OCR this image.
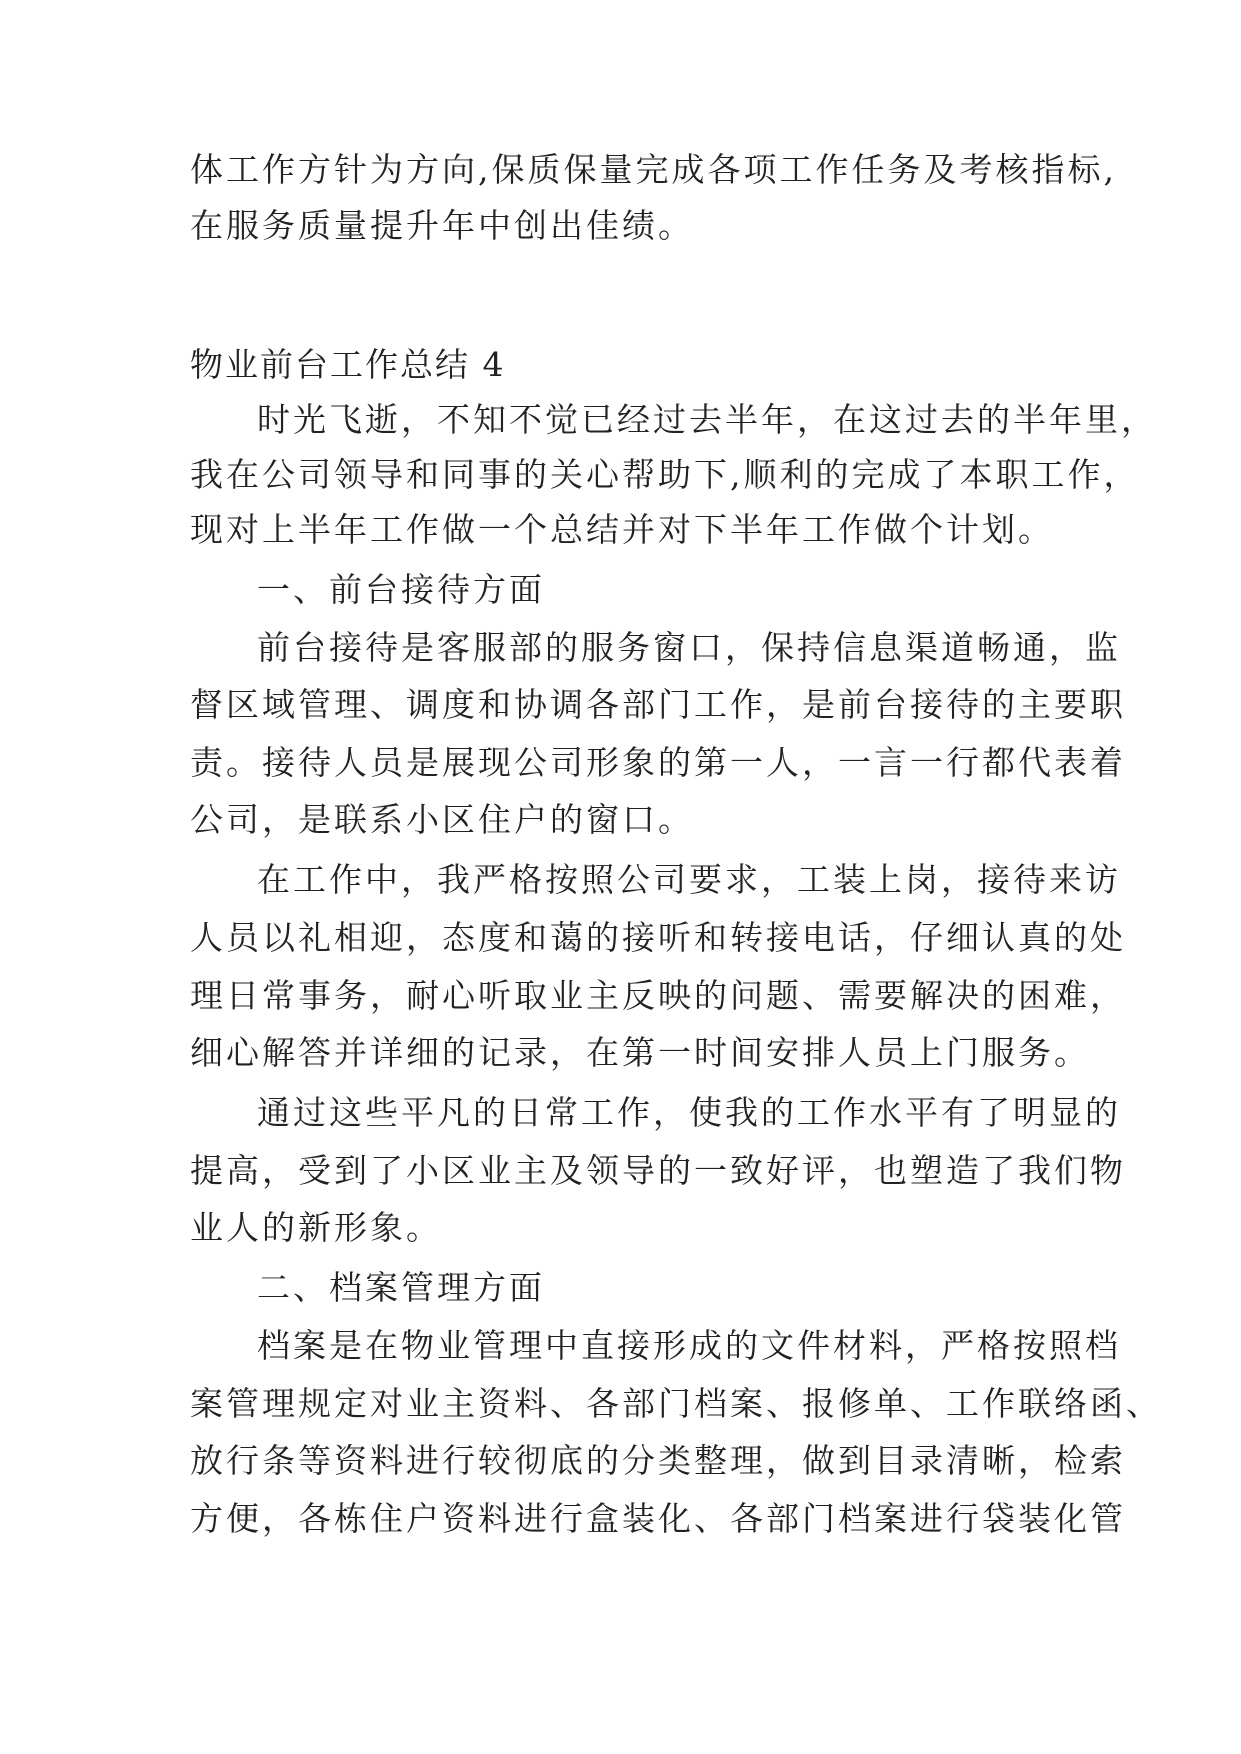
体工作方针为方向,保质保量完成各项工作任务及考核指标,
在服务质量提升年中创出佳绩。
物业前台工作总结 4
时光飞逝，不知不觉已经过去半年，在这过去的半年里，
我在公司领导和同事的关心帮助下,顺利的完成了本职工作，
现对上半年工作做一个总结并对下半年工作做个计划。
一、前台接待方面
前台接待是客服部的服务窗口，保持信息渠道畅通，监
督区域管理、调度和协调各部门工作，是前台接待的主要职
责。接待人员是展现公司形象的第一人，一言一行都代表着
公司，是联系小区住户的窗口。
在工作中，我严格按照公司要求，工装上岗，接待来访
人员以礼相迎，态度和蔼的接听和转接电话，仔细认真的处
理日常事务，耐心听取业主反映的问题、需要解决的困难，
细心解答并详细的记录，在第一时间安排人员上门服务。
通过这些平凡的日常工作，使我的工作水平有了明显的
提高，受到了小区业主及领导的一致好评，也塑造了我们物
业人的新形象。
二、档案管理方面
档案是在物业管理中直接形成的文件材料，严格按照档
案管理规定对业主资料、各部门档案、报修单、工作联络函、
放行条等资料进行较彻底的分类整理，做到目录清晰，检索
方便，各栋住户资料进行盒装化、各部门档案进行袋装化管
